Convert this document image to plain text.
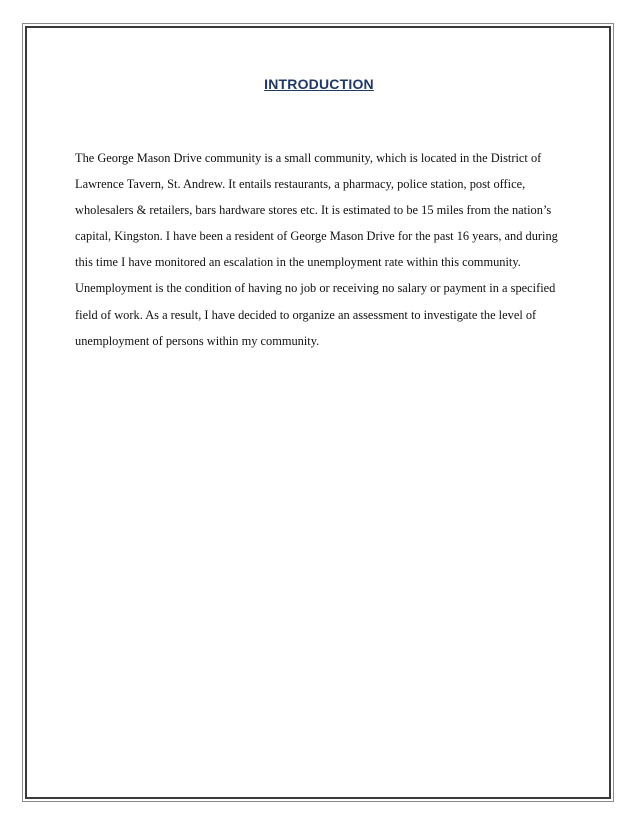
INTRODUCTION
The George Mason Drive community is a small community, which is located in the District of
Lawrence Tavern, St. Andrew. It entails restaurants, a pharmacy, police station, post office,
wholesalers & retailers, bars hardware stores etc. It is estimated to be 15 miles from the nation’s
capital, Kingston. I have been a resident of George Mason Drive for the past 16 years, and during
this time I have monitored an escalation in the unemployment rate within this community.
Unemployment is the condition of having no job or receiving no salary or payment in a specified
field of work. As a result, I have decided to organize an assessment to investigate the level of
unemployment of persons within my community.
